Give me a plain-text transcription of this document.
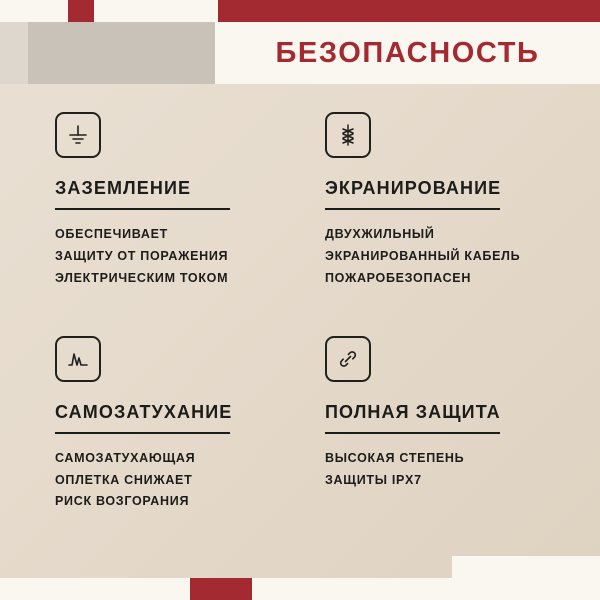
БЕЗОПАСНОСТЬ
ЗАЗЕМЛЕНИЕ
ОБЕСПЕЧИВАЕТ
ЗАЩИТУ ОТ ПОРАЖЕНИЯ
ЭЛЕКТРИЧЕСКИМ ТОКОМ
ЭКРАНИРОВАНИЕ
ДВУХЖИЛЬНЫЙ
ЭКРАНИРОВАННЫЙ КАБЕЛЬ
ПОЖАРОБЕЗОПАСЕН
САМОЗАТУХАНИЕ
САМОЗАТУХАЮЩАЯ
ОПЛЕТКА СНИЖАЕТ
РИСК ВОЗГОРАНИЯ
ПОЛНАЯ ЗАЩИТА
ВЫСОКАЯ СТЕПЕНЬ
ЗАЩИТЫ IPX7
